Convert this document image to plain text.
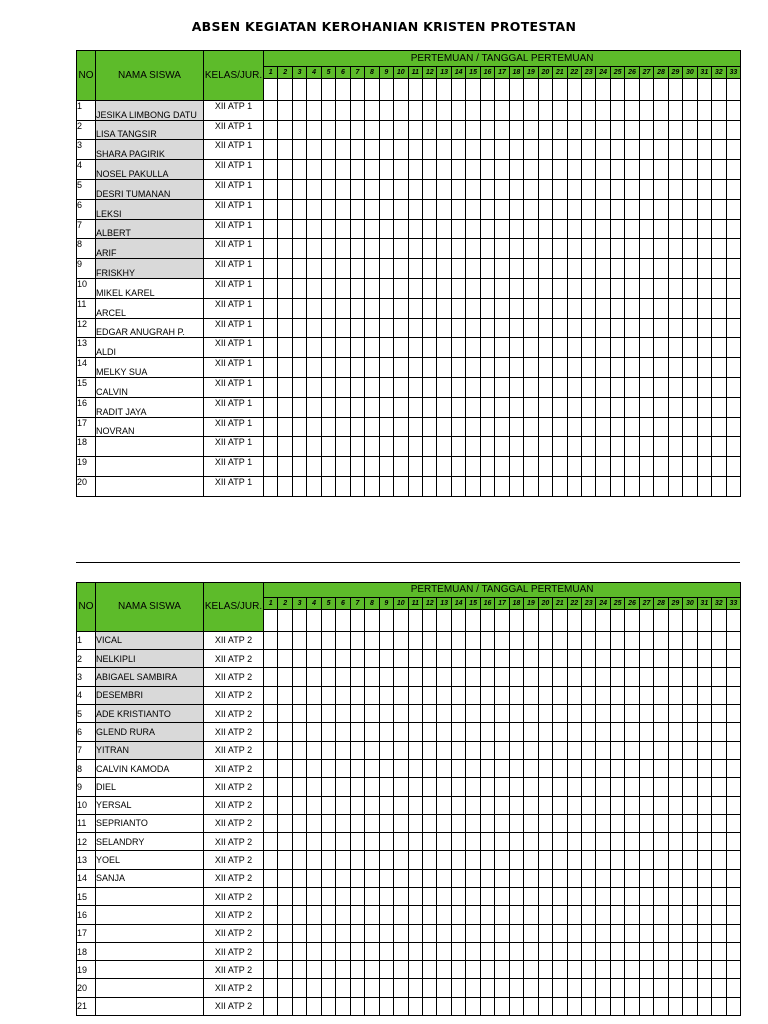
ABSEN KEGIATAN KEROHANIAN KRISTEN PROTESTAN
NO	NAMA SISWA	KELAS/JUR.	PERTEMUAN / TANGGAL PERTEMUAN																																
			1	2	3	4	5	6	7	8	9	10	11	12	13	14	15	16	17	18	19	20	21	22	23	24	25	26	27	28	29	30	31	32	33

1	JESIKA LIMBONG DATU	XII ATP 1																																	
2	LISA TANGSIR	XII ATP 1																																	
3	SHARA PAGIRIK	XII ATP 1																																	
4	NOSEL PAKULLA	XII ATP 1																																	
5	DESRI TUMANAN	XII ATP 1																																	
6	LEKSI	XII ATP 1																																	
7	ALBERT	XII ATP 1																																	
8	ARIF	XII ATP 1																																	
9	FRISKHY	XII ATP 1																																	
10	MIKEL KAREL	XII ATP 1																																	
11	ARCEL	XII ATP 1																																	
12	EDGAR ANUGRAH P.	XII ATP 1																																	
13	ALDI	XII ATP 1																																	
14	MELKY SUA	XII ATP 1																																	
15	CALVIN	XII ATP 1																																	
16	RADIT JAYA	XII ATP 1																																	
17	NOVRAN	XII ATP 1																																	
18		XII ATP 1																																	
19		XII ATP 1																																	
20		XII ATP 1																																	
NO	NAMA SISWA	KELAS/JUR.	PERTEMUAN / TANGGAL PERTEMUAN																																
			1	2	3	4	5	6	7	8	9	10	11	12	13	14	15	16	17	18	19	20	21	22	23	24	25	26	27	28	29	30	31	32	33

1	VICAL	XII ATP 2																																	
2	NELKIPLI	XII ATP 2																																	
3	ABIGAEL SAMBIRA	XII ATP 2																																	
4	DESEMBRI	XII ATP 2																																	
5	ADE KRISTIANTO	XII ATP 2																																	
6	GLEND RURA	XII ATP 2																																	
7	YITRAN	XII ATP 2																																	
8	CALVIN KAMODA	XII ATP 2																																	
9	DIEL	XII ATP 2																																	
10	YERSAL	XII ATP 2																																	
11	SEPRIANTO	XII ATP 2																																	
12	SELANDRY	XII ATP 2																																	
13	YOEL	XII ATP 2																																	
14	SANJA	XII ATP 2																																	
15		XII ATP 2																																	
16		XII ATP 2																																	
17		XII ATP 2																																	
18		XII ATP 2																																	
19		XII ATP 2																																	
20		XII ATP 2																																	
21		XII ATP 2																																	
